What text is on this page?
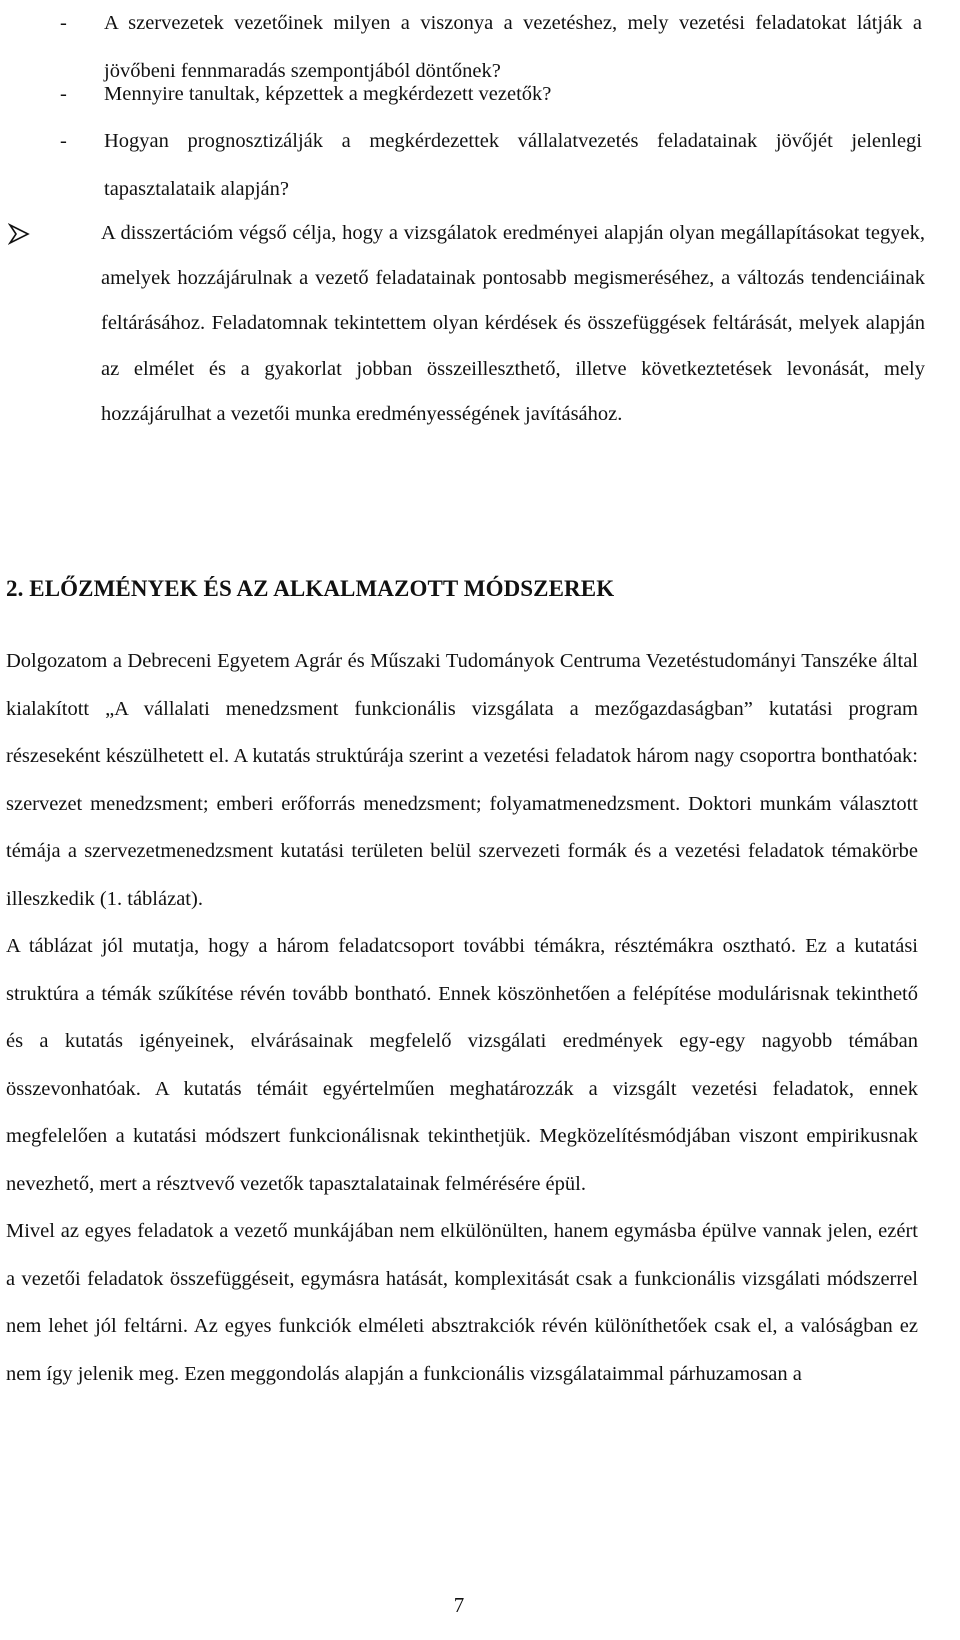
- A szervezetek vezetőinek milyen a viszonya a vezetéshez, mely vezetési feladatokat látják a jövőbeni fennmaradás szempontjából döntőnek?
- Mennyire tanultak, képzettek a megkérdezett vezetők?
- Hogyan prognosztizálják a megkérdezettek vállalatvezetés feladatainak jövőjét jelenlegi tapasztalataik alapján?
A disszertációm végső célja, hogy a vizsgálatok eredményei alapján olyan megállapításokat tegyek, amelyek hozzájárulnak a vezető feladatainak pontosabb megismeréséhez, a változás tendenciáinak feltárásához. Feladatomnak tekintettem olyan kérdések és összefüggések feltárását, melyek alapján az elmélet és a gyakorlat jobban összeilleszthető, illetve következtetések levonását, mely hozzájárulhat a vezetői munka eredményességének javításához.
2. ELŐZMÉNYEK ÉS AZ ALKALMAZOTT MÓDSZEREK

Dolgozatom a Debreceni Egyetem Agrár és Műszaki Tudományok Centruma Vezetéstudományi Tanszéke által kialakított „A vállalati menedzsment funkcionális vizsgálata a mezőgazdaságban” kutatási program részeseként készülhetett el. A kutatás struktúrája szerint a vezetési feladatok három nagy csoportra bonthatóak: szervezet menedzsment; emberi erőforrás menedzsment; folyamatmenedzsment. Doktori munkám választott témája a szervezetmenedzsment kutatási területen belül szervezeti formák és a vezetési feladatok témakörbe illeszkedik (1. táblázat).

A táblázat jól mutatja, hogy a három feladatcsoport további témákra, résztémákra osztható. Ez a kutatási struktúra a témák szűkítése révén tovább bontható. Ennek köszönhetően a felépítése modulárisnak tekinthető és a kutatás igényeinek, elvárásainak megfelelő vizsgálati eredmények egy-egy nagyobb témában összevonhatóak. A kutatás témáit egyértelműen meghatározzák a vizsgált vezetési feladatok, ennek megfelelően a kutatási módszert funkcionálisnak tekinthetjük. Megközelítésmódjában viszont empirikusnak nevezhető, mert a résztvevő vezetők tapasztalatainak felmérésére épül.

Mivel az egyes feladatok a vezető munkájában nem elkülönülten, hanem egymásba épülve vannak jelen, ezért a vezetői feladatok összefüggéseit, egymásra hatását, komplexitását csak a funkcionális vizsgálati módszerrel nem lehet jól feltárni. Az egyes funkciók elméleti absztrakciók révén különíthetőek csak el, a valóságban ez nem így jelenik meg. Ezen meggondolás alapján a funkcionális vizsgálataimmal párhuzamosan a

7
